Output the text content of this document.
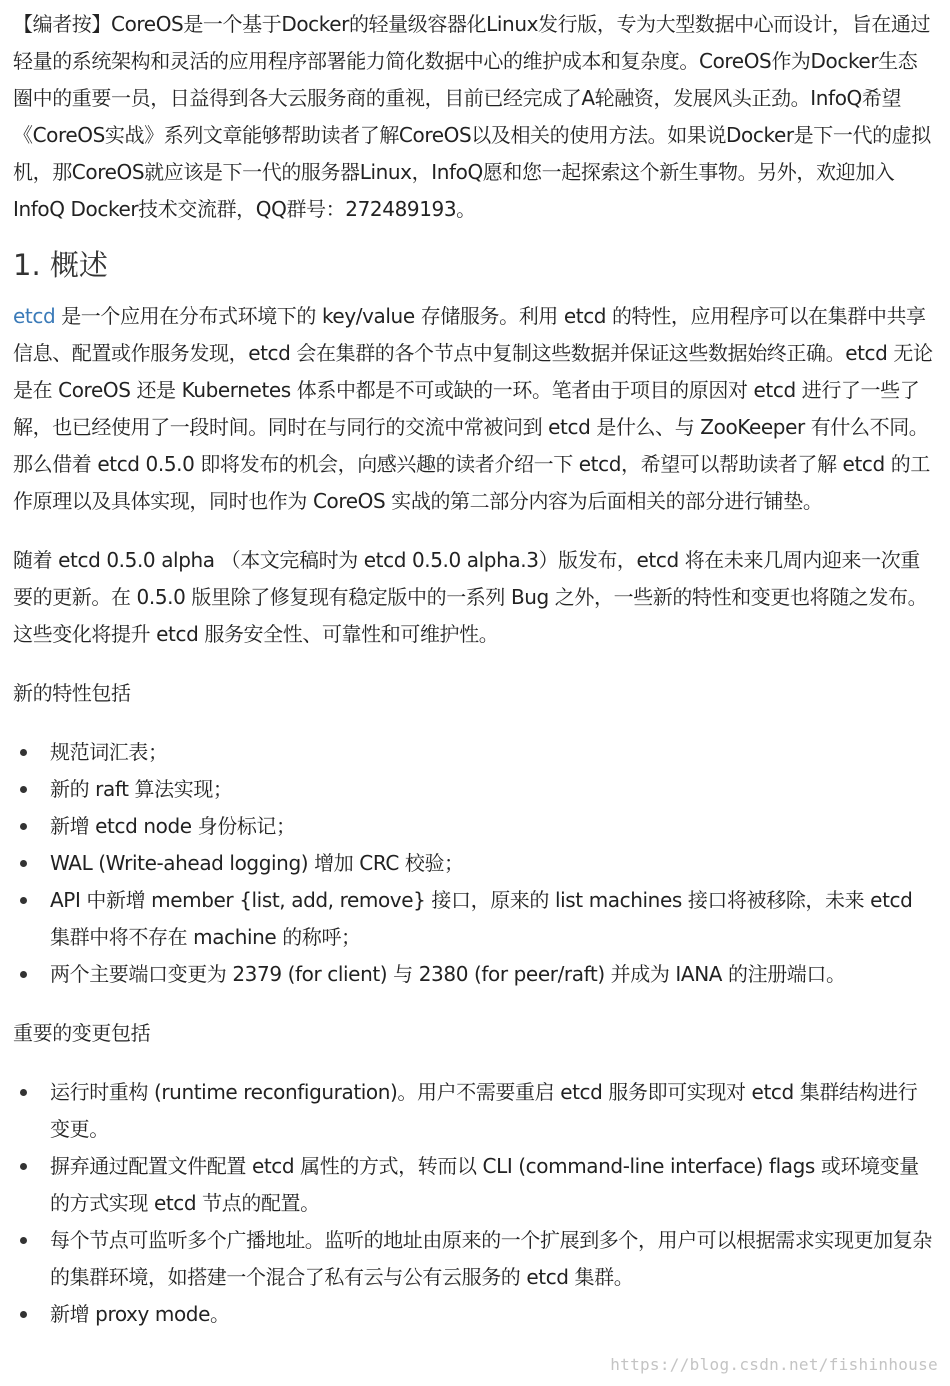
【编者按】CoreOS是一个基于Docker的轻量级容器化Linux发行版，专为大型数据中心而设计，旨在通过轻量的系统架构和灵活的应用程序部署能力简化数据中心的维护成本和复杂度。CoreOS作为Docker生态圈中的重要一员，日益得到各大云服务商的重视，目前已经完成了A轮融资，发展风头正劲。InfoQ希望《CoreOS实战》系列文章能够帮助读者了解CoreOS以及相关的使用方法。如果说Docker是下一代的虚拟机，那CoreOS就应该是下一代的服务器Linux，InfoQ愿和您一起探索这个新生事物。另外，欢迎加入InfoQ Docker技术交流群，QQ群号：272489193。

1. 概述

etcd 是一个应用在分布式环境下的 key/value 存储服务。利用 etcd 的特性，应用程序可以在集群中共享信息、配置或作服务发现，etcd 会在集群的各个节点中复制这些数据并保证这些数据始终正确。etcd 无论是在 CoreOS 还是 Kubernetes 体系中都是不可或缺的一环。笔者由于项目的原因对 etcd 进行了一些了解，也已经使用了一段时间。同时在与同行的交流中常被问到 etcd 是什么、与 ZooKeeper 有什么不同。那么借着 etcd 0.5.0 即将发布的机会，向感兴趣的读者介绍一下 etcd，希望可以帮助读者了解 etcd 的工作原理以及具体实现，同时也作为 CoreOS 实战的第二部分内容为后面相关的部分进行铺垫。

随着 etcd 0.5.0 alpha （本文完稿时为 etcd 0.5.0 alpha.3）版发布，etcd 将在未来几周内迎来一次重要的更新。在 0.5.0 版里除了修复现有稳定版中的一系列 Bug 之外，一些新的特性和变更也将随之发布。这些变化将提升 etcd 服务安全性、可靠性和可维护性。

新的特性包括

规范词汇表；
新的 raft 算法实现；
新增 etcd node 身份标记；
WAL (Write-ahead logging) 增加 CRC 校验；
API 中新增 member {list, add, remove} 接口，原来的 list machines 接口将被移除，未来 etcd 集群中将不存在 machine 的称呼；
两个主要端口变更为 2379 (for client) 与 2380 (for peer/raft) 并成为 IANA 的注册端口。

重要的变更包括

运行时重构 (runtime reconfiguration)。用户不需要重启 etcd 服务即可实现对 etcd 集群结构进行变更。
摒弃通过配置文件配置 etcd 属性的方式，转而以 CLI (command-line interface) flags 或环境变量的方式实现 etcd 节点的配置。
每个节点可监听多个广播地址。监听的地址由原来的一个扩展到多个，用户可以根据需求实现更加复杂的集群环境，如搭建一个混合了私有云与公有云服务的 etcd 集群。
新增 proxy mode。
https://blog.csdn.net/fishinhouse
